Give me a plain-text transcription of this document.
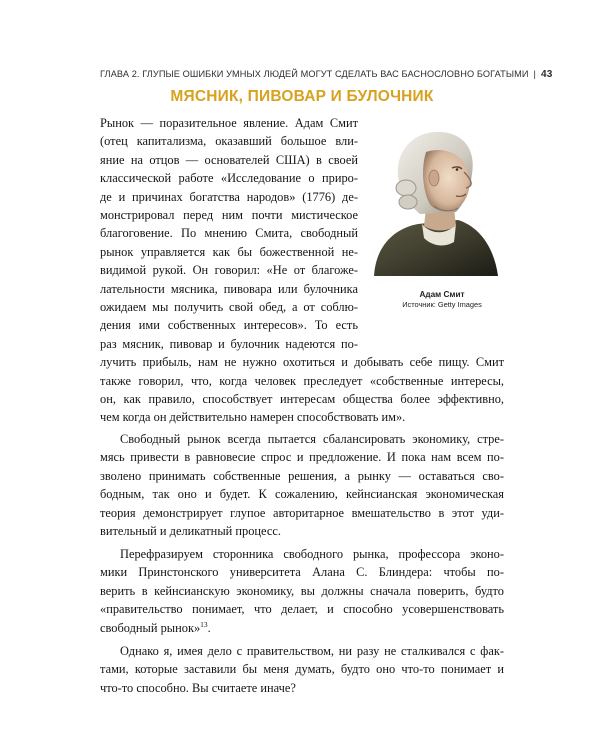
ГЛАВА 2. ГЛУПЫЕ ОШИБКИ УМНЫХ ЛЮДЕЙ МОГУТ СДЕЛАТЬ ВАС БАСНОСЛОВНО БОГАТЫМИ | 43
МЯСНИК, ПИВОВАР И БУЛОЧНИК
Адам Смит
Источник: Getty Images
Рынок — поразительное явление. Адам Смит
(отец капитализма, оказавший большое вли-
яние на отцов — основателей США) в своей
классической работе «Исследование о приро-
де и причинах богатства народов» (1776) де-
монстрировал перед ним почти мистическое
благоговение. По мнению Смита, свободный
рынок управляется как бы божественной не-
видимой рукой. Он говорил: «Не от благоже-
лательности мясника, пивовара или булочника
ожидаем мы получить свой обед, а от соблю-
дения ими собственных интересов». То есть
раз мясник, пивовар и булочник надеются по-
лучить прибыль, нам не нужно охотиться и добывать себе пищу. Смит
также говорил, что, когда человек преследует «собственные интересы,
он, как правило, способствует интересам общества более эффективно,
чем когда он действительно намерен способствовать им».
Свободный рынок всегда пытается сбалансировать экономику, стре-
мясь привести в равновесие спрос и предложение. И пока нам всем по-
зволено принимать собственные решения, а рынку — оставаться сво-
бодным, так оно и будет. К сожалению, кейнсианская экономическая
теория демонстрирует глупое авторитарное вмешательство в этот уди-
вительный и деликатный процесс.
Перефразируем сторонника свободного рынка, профессора эконо-
мики Принстонского университета Алана С. Блиндера: чтобы по-
верить в кейнсианскую экономику, вы должны сначала поверить, будто
«правительство понимает, что делает, и способно усовершенствовать
свободный рынок»$^{13}$.
Однако я, имея дело с правительством, ни разу не сталкивался с фак-
тами, которые заставили бы меня думать, будто оно что-то понимает и
что-то способно. Вы считаете иначе?
